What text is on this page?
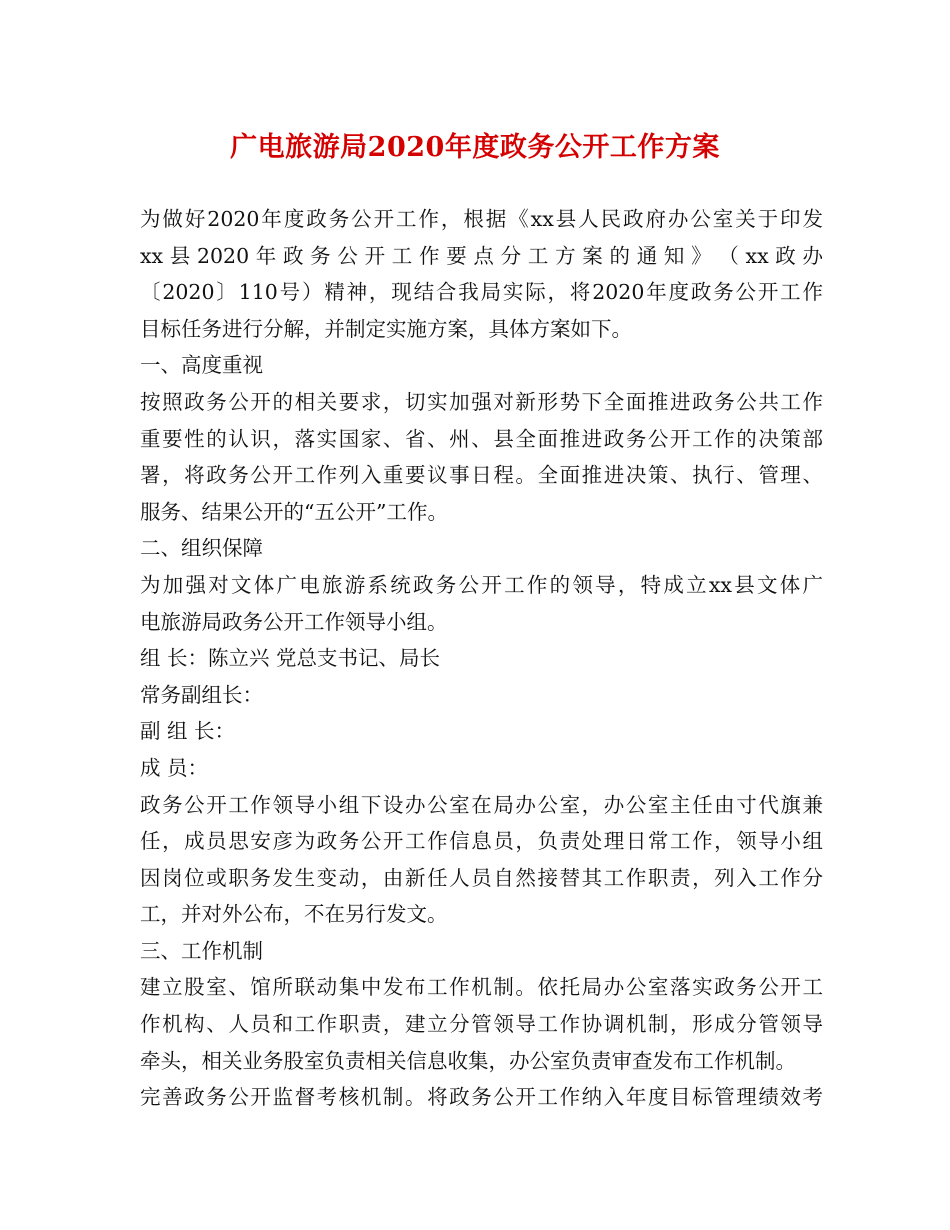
广电旅游局2020年度政务公开工作方案
为做好2020年度政务公开工作，根据《xx县人民政府办公室关于印发
xx 县 2020 年 政 务 公 开 工 作 要 点 分 工 方 案 的 通 知 》 （ xx 政 办
〔2020〕110号）精神，现结合我局实际，将2020年度政务公开工作
目标任务进行分解，并制定实施方案，具体方案如下。
一、高度重视
按照政务公开的相关要求，切实加强对新形势下全面推进政务公共工作
重要性的认识，落实国家、省、州、县全面推进政务公开工作的决策部
署，将政务公开工作列入重要议事日程。全面推进决策、执行、管理、
服务、结果公开的“五公开”工作。
二、组织保障
为加强对文体广电旅游系统政务公开工作的领导，特成立xx县文体广
电旅游局政务公开工作领导小组。
组 长：陈立兴 党总支书记、局长
常务副组长：
副 组 长：
成 员：
政务公开工作领导小组下设办公室在局办公室，办公室主任由寸代旗兼
任，成员思安彦为政务公开工作信息员，负责处理日常工作，领导小组
因岗位或职务发生变动，由新任人员自然接替其工作职责，列入工作分
工，并对外公布，不在另行发文。
三、工作机制
建立股室、馆所联动集中发布工作机制。依托局办公室落实政务公开工
作机构、人员和工作职责，建立分管领导工作协调机制，形成分管领导
牵头，相关业务股室负责相关信息收集，办公室负责审查发布工作机制。
完善政务公开监督考核机制。将政务公开工作纳入年度目标管理绩效考
